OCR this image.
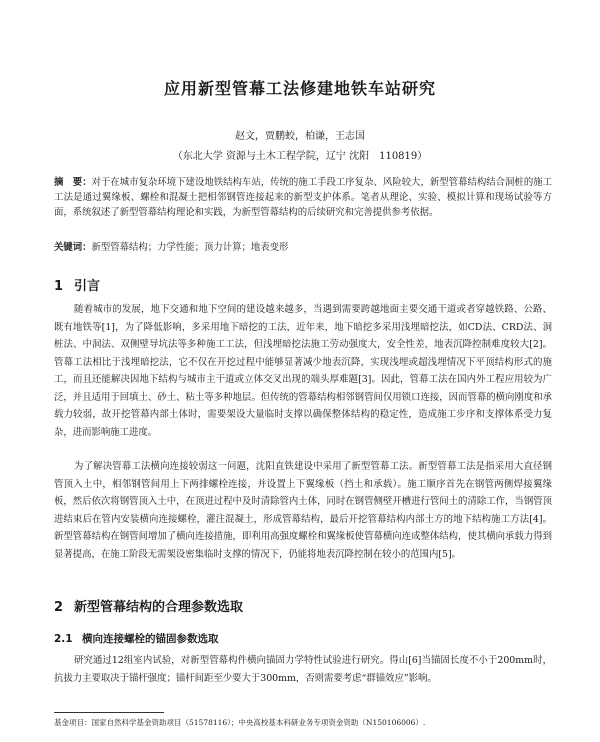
应用新型管幕工法修建地铁车站研究
赵文，贾鹏蛟，柏谦，王志国
（东北大学 资源与土木工程学院，辽宁 沈阳　110819）
摘　要：对于在城市复杂环境下建设地铁结构车站，传统的施工手段工序复杂、风险较大，新型管幕结构结合洞桩的施工工法是通过翼缘板、螺栓和混凝土把相邻钢管连接起来的新型支护体系。笔者从理论、实验、模拟计算和现场试验等方面，系统叙述了新型管幕结构理论和实践，为新型管幕结构的后续研究和完善提供参考依据。
关键词：新型管幕结构；力学性能；顶力计算；地表变形
1 引言
随着城市的发展，地下交通和地下空间的建设越来越多，当遇到需要跨越地面主要交通干道或者穿越铁路、公路、既有地铁等[1]，为了降低影响，多采用地下暗挖的工法，近年来，地下暗挖多采用浅埋暗挖法，如CD法、CRD法、洞桩法、中洞法、双侧壁导坑法等多种施工工法，但浅埋暗挖法施工劳动强度大，安全性差，地表沉降控制难度较大[2]。管幕工法相比于浅埋暗挖法，它不仅在开挖过程中能够显著减少地表沉降，实现浅埋或超浅埋情况下平顶结构形式的施工，而且还能解决因地下结构与城市主干道或立体交叉出现的端头厚难题[3]。因此，管幕工法在国内外工程应用较为广泛，并且适用于回填土、砂土、粘土等多种地层。但传统的管幕结构相邻钢管间仅用锁口连接，因而管幕的横向刚度和承载力较弱，故开挖管幕内部土体时，需要架设大量临时支撑以确保整体结构的稳定性，造成施工步序和支撑体系受力复杂，进而影响施工进度。
为了解决管幕工法横向连接较弱这一问题，沈阳直铁建设中采用了新型管幕工法。新型管幕工法是指采用大直径钢管顶入土中，相邻钢管间用上下两排螺栓连接，并设置上下翼缘板（挡土和承载）。施工顺序首先在钢管两侧焊接翼缘板，然后依次将钢管顶入土中，在顶进过程中及时清除管内土体，同时在钢管侧壁开槽进行管间土的清除工作，当钢管顶进结束后在管内安装横向连接螺栓，灌注混凝土，形成管幕结构，最后开挖管幕结构内部土方的地下结构施工方法[4]。新型管幕结构在钢管间增加了横向连接措施，即利用高强度螺栓和翼缘板使管幕横向连成整体结构，使其横向承载力得到显著提高，在施工阶段无需架设密集临时支撑的情况下，仍能将地表沉降控制在较小的范围内[5]。
2 新型管幕结构的合理参数选取
2.1 横向连接螺栓的锚固参数选取
研究通过12组室内试验，对新型管幕构件横向锚固力学特性试验进行研究。得山[6]当锚固长度不小于200mm时，抗拔力主要取决于锚杆强度；锚杆间距至少要大于300mm，否则需要考虑“群锚效应”影响。
基金项目：国家自然科学基金资助项目（51578116）；中央高校基本科研业务专项资金资助（N150106006）.
